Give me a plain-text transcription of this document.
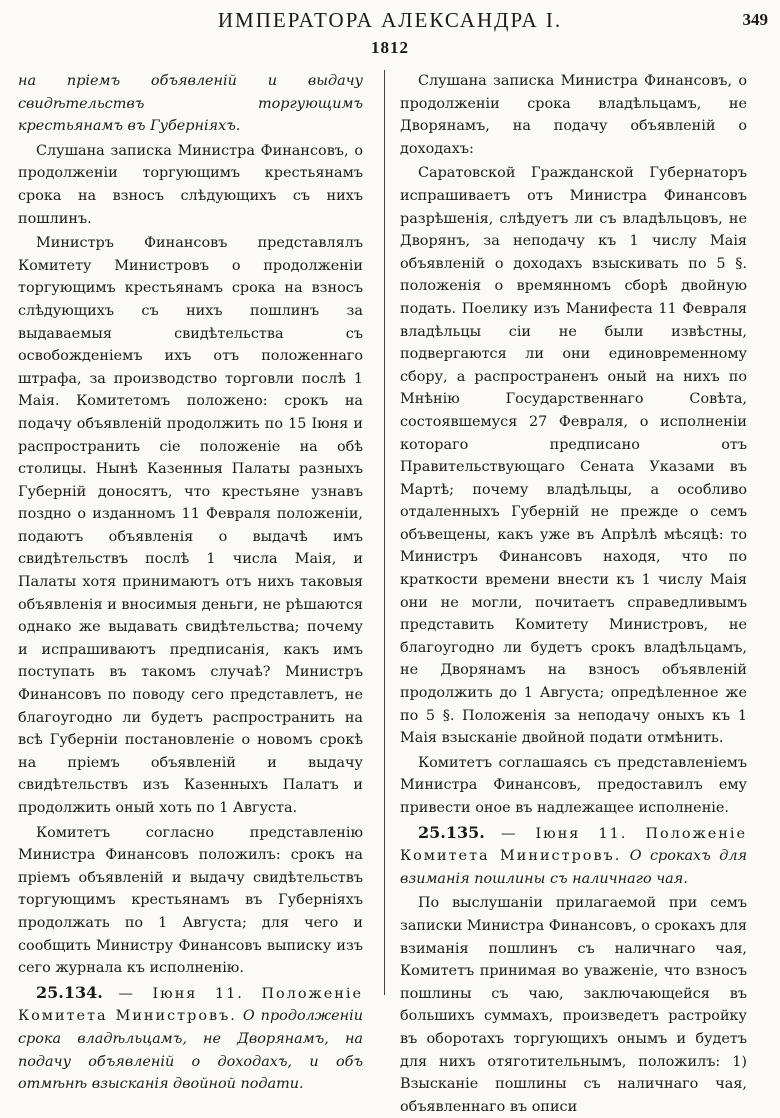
ИМПЕРАТОРА АЛЕКСАНДРА I.	349
1812

на пріемъ объявленій и выдачу свидѣтельствъ торгующимъ крестьянамъ въ Губерніяхъ.

Слушана записка Министра Финансовъ, о продолженіи торгующимъ крестьянамъ срока на взносъ слѣдующихъ съ нихъ пошлинъ.

Министръ Финансовъ представлялъ Комитету Министровъ о продолженіи торгующимъ крестьянамъ срока на взносъ слѣдующихъ съ нихъ пошлинъ за выдаваемыя свидѣтельства съ освобожденіемъ ихъ отъ положеннаго штрафа, за производство торговли послѣ 1 Маія. Комитетомъ положено: срокъ на подачу объявленій продолжить по 15 Іюня и распространить сіе положеніе на обѣ столицы. Нынѣ Казенныя Палаты разныхъ Губерній доносятъ, что крестьяне узнавъ поздно о изданномъ 11 Февраля положеніи, подаютъ объявленія о выдачѣ имъ свидѣтельствъ послѣ 1 числа Маія, и Палаты хотя принимаютъ отъ нихъ таковыя объявленія и вносимыя деньги, не рѣшаются однако же выдавать свидѣтельства; почему и испрашиваютъ предписанія, какъ имъ поступать въ такомъ случаѣ? Министръ Финансовъ по поводу сего представлетъ, не благоугодно ли будетъ распространить на всѣ Губерніи постановленіе о новомъ срокѣ на пріемъ объявленій и выдачу свидѣтельствъ изъ Казенныхъ Палатъ и продолжить оный хоть по 1 Августа.

Комитетъ согласно представленію Министра Финансовъ положилъ: срокъ на пріемъ объявленій и выдачу свидѣтельствъ торгующимъ крестьянамъ въ Губерніяхъ продолжать по 1 Августа; для чего и сообщить Министру Финансовъ выписку изъ сего журнала къ исполненію.

25.134. — Іюня 11. Положеніе Комитета Министровъ. О продолженіи срока владѣльцамъ, не Дворянамъ, на подачу объявленій о доходахъ, и объ отмѣнѣ взысканія двойной подати.

Слушана записка Министра Финансовъ, о продолженіи срока владѣльцамъ, не Дворянамъ, на подачу объявленій о доходахъ:

Саратовской Гражданской Губернаторъ испрашиваетъ отъ Министра Финансовъ разрѣшенія, слѣдуетъ ли съ владѣльцовъ, не Дворянъ, за неподачу къ 1 числу Маія объявленій о доходахъ взыскивать по 5 §. положенія о времянномъ сборѣ двойную подать. Поелику изъ Манифеста 11 Февраля владѣльцы сіи не были извѣстны, подвергаются ли они единовременному сбору, а распространенъ оный на нихъ по Мнѣнію Государственнаго Совѣта, состоявшемуся 27 Февраля, о исполненіи котораго предписано отъ Правительствующаго Сената Указами въ Мартѣ; почему владѣльцы, а особливо отдаленныхъ Губерній не прежде о семъ объвещены, какъ уже въ Апрѣлѣ мѣсяцѣ: то Министръ Финансовъ находя, что по краткости времени внести къ 1 числу Маія они не могли, почитаетъ справедливымъ представить Комитету Министровъ, не благоугодно ли будетъ срокъ владѣльцамъ, не Дворянамъ на взносъ объявленій продолжить до 1 Августа; опредѣленное же по 5 §. Положенія за неподачу оныхъ къ 1 Маія взысканіе двойной подати отмѣнить.

Комитетъ соглашаясь съ представленіемъ Министра Финансовъ, предоставилъ ему привести оное въ надлежащее исполненіе.

25.135. — Іюня 11. Положеніе Комитета Министровъ. О срокахъ для взиманія пошлины съ наличнаго чая.

По выслушаніи прилагаемой при семъ записки Министра Финансовъ, о срокахъ для взиманія пошлинъ съ наличнаго чая, Комитетъ принимая во уваженіе, что взносъ пошлины съ чаю, заключающейся въ большихъ суммахъ, произведетъ растройку въ оборотахъ торгующихъ онымъ и будетъ для нихъ отяготительнымъ, положилъ: 1) Взысканіе пошлины съ наличнаго чая, объявленнаго въ описи
